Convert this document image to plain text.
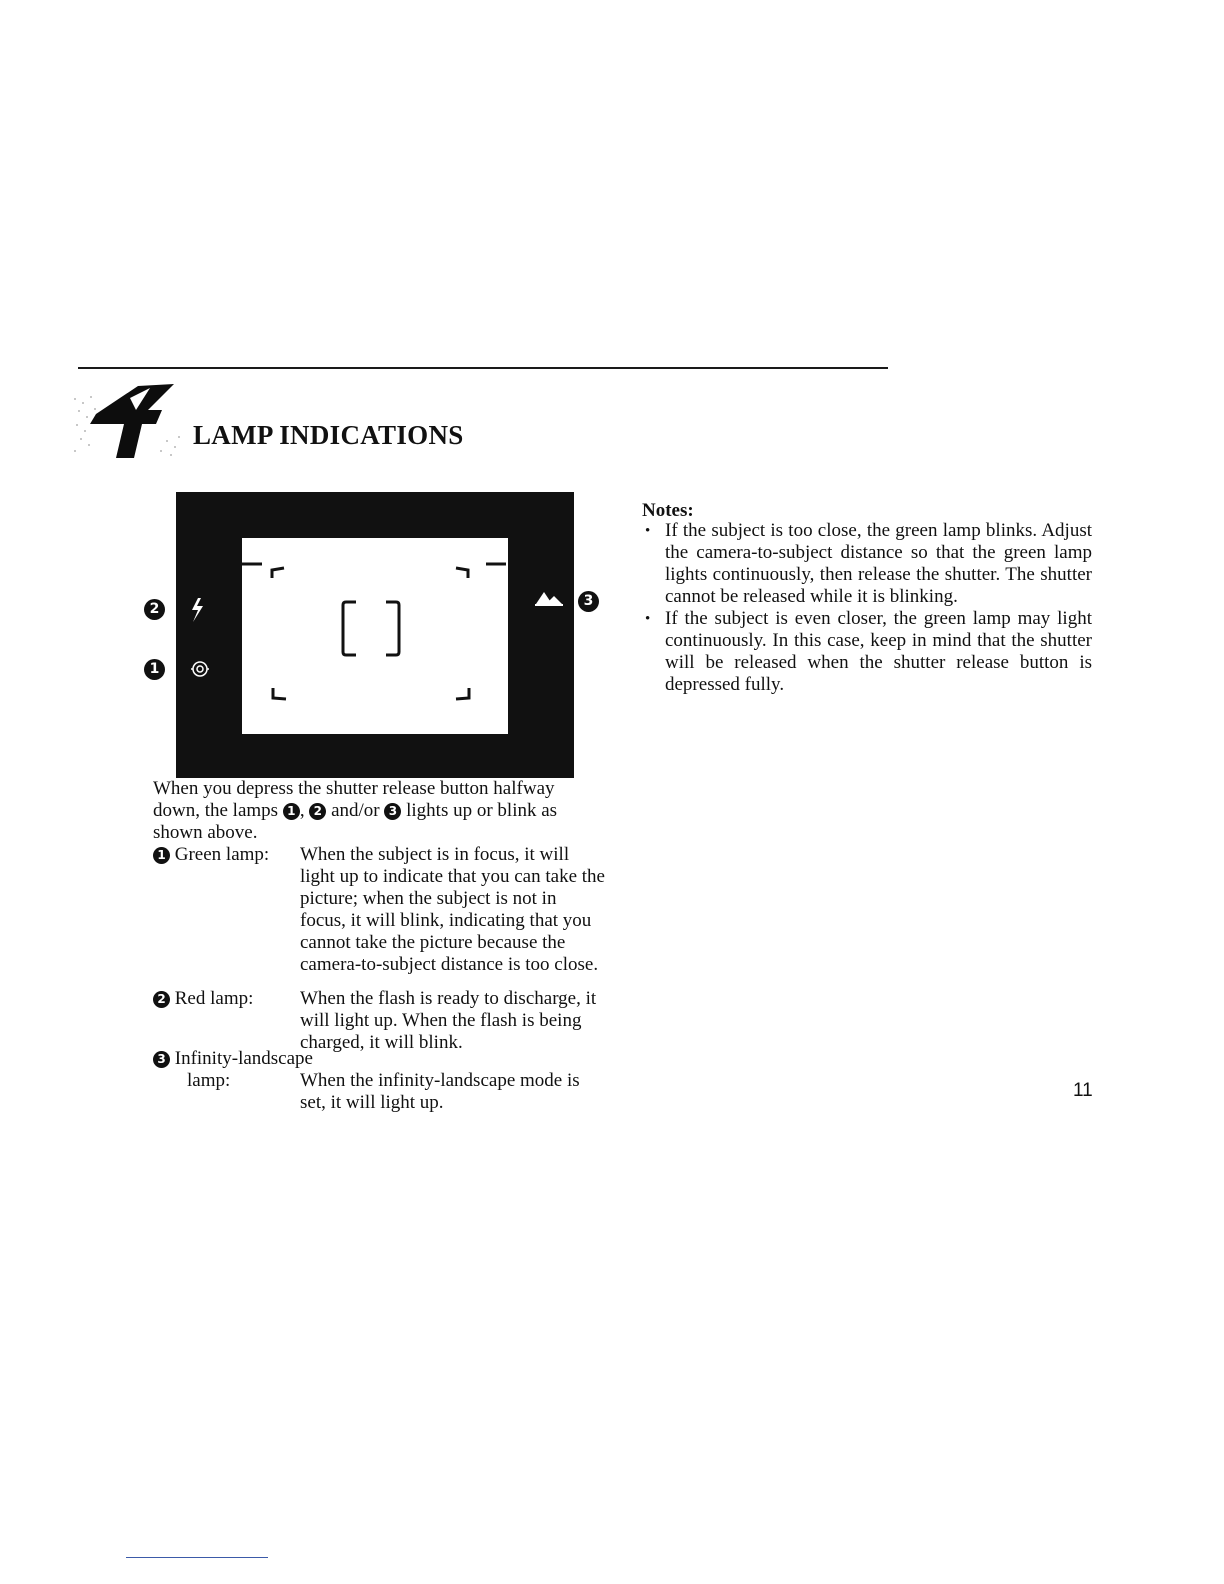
LAMP INDICATIONS
2
1
3
When you depress the shutter release button halfway
down, the lamps 1 , 2 and/or 3 lights up or blink as
shown above.
1 Green lamp: When the subject is in focus, it will light up to indicate that you can take the picture; when the subject is not in focus, it will blink, indicating that you cannot take the picture because the camera-to-subject distance is too close.
2 Red lamp: When the flash is ready to discharge, it will light up. When the flash is being charged, it will blink.
3 Infinity-landscape
lamp:	When the infinity-landscape mode is set, it will light up.
Notes:
• If the subject is too close, the green lamp blinks. Adjust the camera-to-subject distance so that the green lamp lights continuously, then release the shutter. The shutter cannot be released while it is blinking.
• If the subject is even closer, the green lamp may light continuously. In this case, keep in mind that the shutter will be released when the shutter release button is depressed fully.
11
